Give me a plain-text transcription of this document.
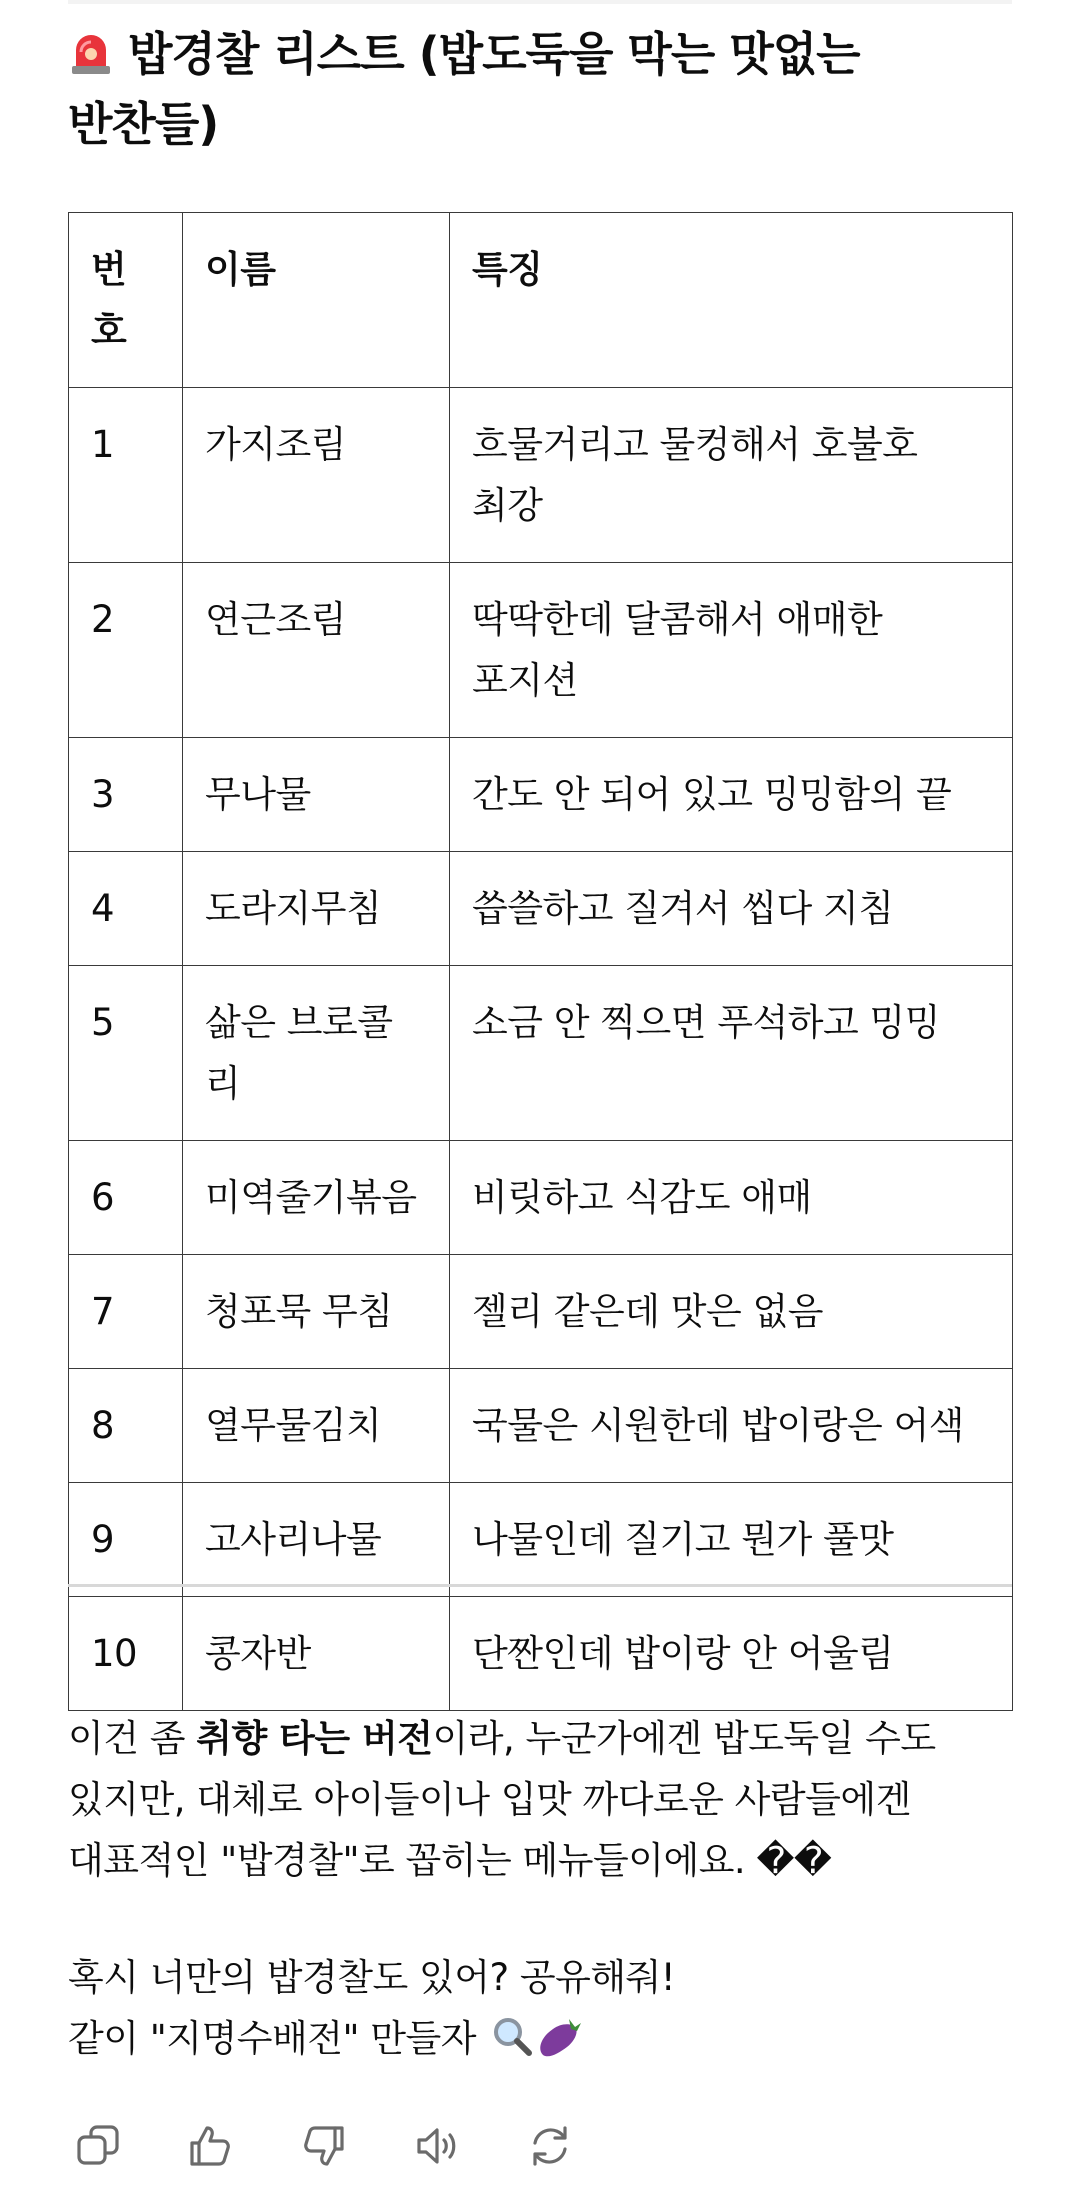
밥경찰 리스트 (밥도둑을 막는 맛없는
반찬들)
번호	이름	특징
1	가지조림	흐물거리고 물컹해서 호불호
최강
2	연근조림	딱딱한데 달콤해서 애매한
포지션
3	무나물	간도 안 되어 있고 밍밍함의 끝
4	도라지무침	씁쓸하고 질겨서 씹다 지침
5	삶은 브로콜리	소금 안 찍으면 푸석하고 밍밍
6	미역줄기볶음	비릿하고 식감도 애매
7	청포묵 무침	젤리 같은데 맛은 없음
8	열무물김치	국물은 시원한데 밥이랑은 어색
9	고사리나물	나물인데 질기고 뭔가 풀맛
10	콩자반	단짠인데 밥이랑 안 어울림
이건 좀 취향 타는 버전이라, 누군가에겐 밥도둑일 수도
있지만, 대체로 아이들이나 입맛 까다로운 사람들에겐
대표적인 "밥경찰"로 꼽히는 메뉴들이에요. ��
혹시 너만의 밥경찰도 있어? 공유해줘!
같이 "지명수배전" 만들자
